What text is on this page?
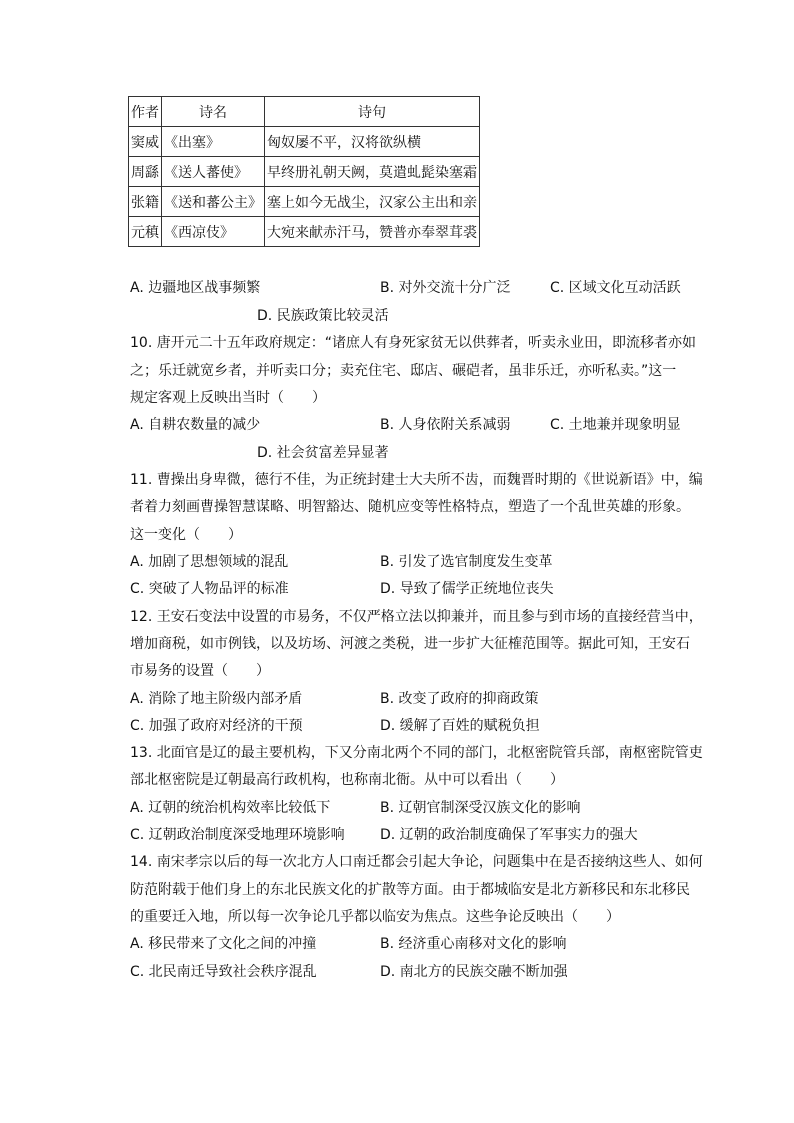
作者	诗名	诗句
窦威	《出塞》	匈奴屡不平，汉将欲纵横
周繇	《送人蕃使》	早终册礼朝天阙，莫遣虬髭染塞霜
张籍	《送和蕃公主》	塞上如今无战尘，汉家公主出和亲
元稹	《西凉伎》	大宛来献赤汗马，赞普亦奉翠茸裘
A. 边疆地区战事频繁	B. 对外交流十分广泛	C. 区域文化互动活跃
D. 民族政策比较灵活
10. 唐开元二十五年政府规定：“诸庶人有身死家贫无以供葬者，听卖永业田，即流移者亦如
之；乐迁就宽乡者，并听卖口分；卖充住宅、邸店、碾硙者，虽非乐迁，亦听私卖。”这一
规定客观上反映出当时（　　）
A. 自耕农数量的减少	B. 人身依附关系减弱	C. 土地兼并现象明显
D. 社会贫富差异显著
11. 曹操出身卑微，德行不佳，为正统封建士大夫所不齿，而魏晋时期的《世说新语》中，编
者着力刻画曹操智慧谋略、明智豁达、随机应变等性格特点，塑造了一个乱世英雄的形象。
这一变化（　　）
A. 加剧了思想领域的混乱	B. 引发了选官制度发生变革
C. 突破了人物品评的标准	D. 导致了儒学正统地位丧失
12. 王安石变法中设置的市易务，不仅严格立法以抑兼并，而且参与到市场的直接经营当中，
增加商税，如市例钱，以及坊场、河渡之类税，进一步扩大征榷范围等。据此可知，王安石
市易务的设置（　　）
A. 消除了地主阶级内部矛盾	B. 改变了政府的抑商政策
C. 加强了政府对经济的干预	D. 缓解了百姓的赋税负担
13. 北面官是辽的最主要机构，下又分南北两个不同的部门，北枢密院管兵部，南枢密院管吏
部北枢密院是辽朝最高行政机构，也称南北衙。从中可以看出（　　）
A. 辽朝的统治机构效率比较低下	B. 辽朝官制深受汉族文化的影响
C. 辽朝政治制度深受地理环境影响	D. 辽朝的政治制度确保了军事实力的强大
14. 南宋孝宗以后的每一次北方人口南迁都会引起大争论，问题集中在是否接纳这些人、如何
防范附载于他们身上的东北民族文化的扩散等方面。由于都城临安是北方新移民和东北移民
的重要迁入地，所以每一次争论几乎都以临安为焦点。这些争论反映出（　　）
A. 移民带来了文化之间的冲撞	B. 经济重心南移对文化的影响
C. 北民南迁导致社会秩序混乱	D. 南北方的民族交融不断加强
